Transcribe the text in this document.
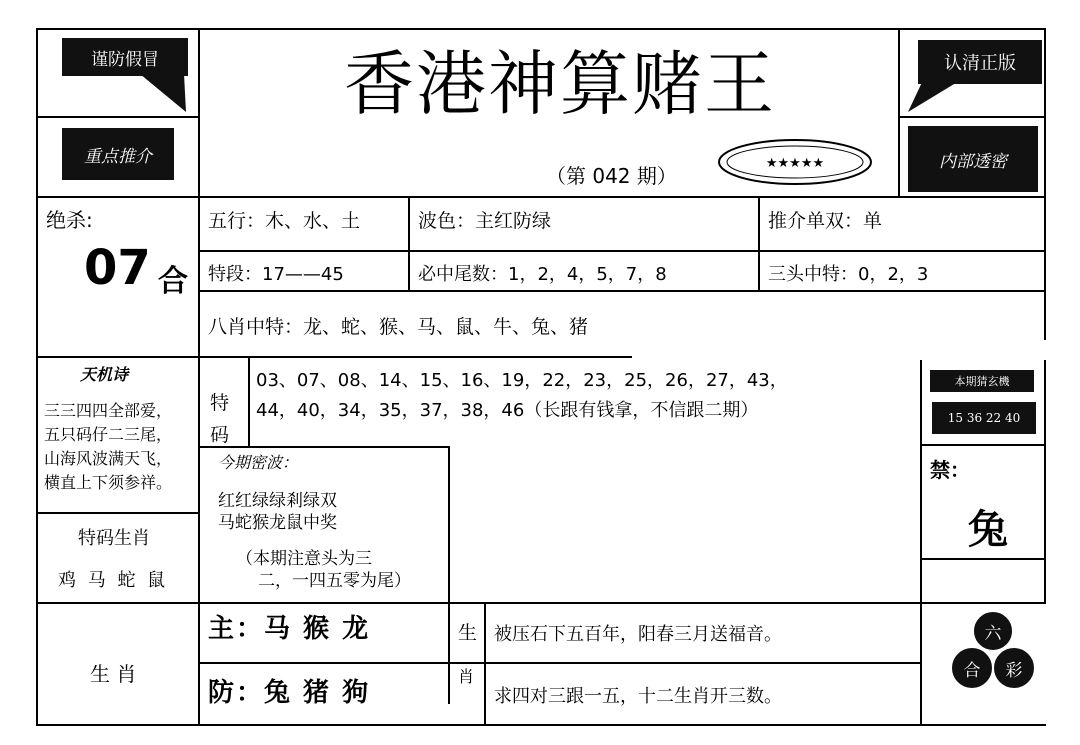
谨防假冒
重点推介
认清正版
内部透密
香港神算赌王
（第 042 期）
★★★★★
绝杀:
07 合
五行：木、水、土	波色：主红防绿	推介单双：单
特段：17——45	必中尾数：1，2，4，5，7，8	三头中特：0，2，3
八肖中特：龙、蛇、猴、马、鼠、牛、兔、猪
天机诗
三三四四全部爱，
五只码仔二三尾，
山海风波满天飞，
横直上下须参祥。
特码生肖
鸡 马 蛇 鼠
特
码
03、07、08、14、15、16、19，22，23，25，26，27，43，
44，40，34，35，37，38，46（长跟有钱拿，不信跟二期）
今期密波：
红红绿绿剎绿双
马蛇猴龙鼠中奖
（本期注意头为三
二，一四五零为尾）
本期猜玄機
15 36 22 40
禁：
兔
生 肖
主：马 猴 龙
防：兔 猪 狗
生
肖
被压石下五百年，阳春三月送福音。
求四对三跟一五，十二生肖开三数。
六
合	彩
